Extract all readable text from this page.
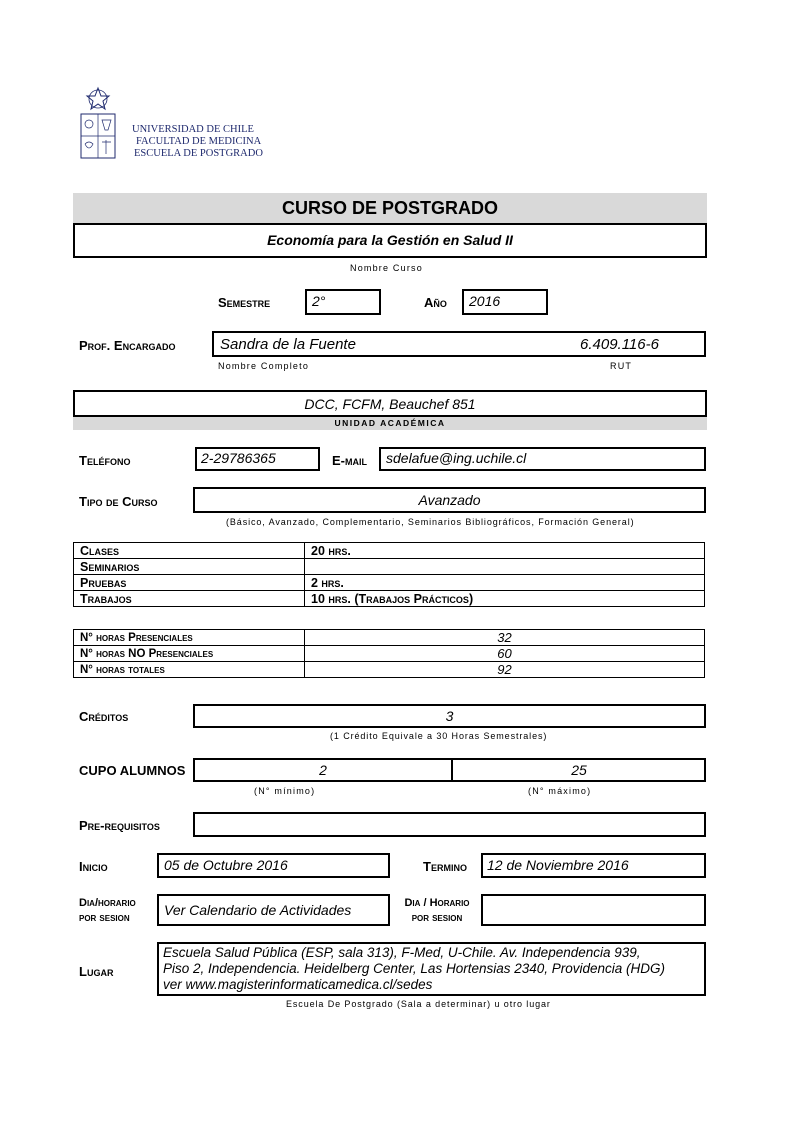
UNIVERSIDAD DE CHILE
FACULTAD DE MEDICINA
ESCUELA DE POSTGRADO
CURSO DE POSTGRADO
Economía para la Gestión en Salud II
Nombre Curso
Semestre	2°	Año	2016
Prof. Encargado	Sandra de la Fuente	6.409.116-6
Nombre Completo	RUT
DCC, FCFM, Beauchef 851
UNIDAD ACADÉMICA
Teléfono	2-29786365	E-mail	sdelafue@ing.uchile.cl
Tipo de Curso	Avanzado
(Básico, Avanzado, Complementario, Seminarios Bibliográficos, Formación General)
Clases	20 hrs.
Seminarios	
Pruebas	2 hrs.
Trabajos	10 hrs. (Trabajos Prácticos)
N° horas Presenciales	32
N° horas NO Presenciales	60
N° horas totales	92
Créditos	3
(1 Crédito Equivale a 30 Horas Semestrales)
CUPO ALUMNOS	2	25
(N° mínimo)	(N° máximo)
Pre-requisitos
Inicio	05 de Octubre 2016	Termino	12 de Noviembre 2016
Dia/horario
por sesion	Ver Calendario de Actividades	Dia / Horario
por sesion
Lugar
Escuela Salud Pública (ESP, sala 313), F-Med, U-Chile. Av. Independencia 939,
Piso 2, Independencia. Heidelberg Center, Las Hortensias 2340, Providencia (HDG)
ver www.magisterinformaticamedica.cl/sedes
Escuela De Postgrado (Sala a determinar) u otro lugar
